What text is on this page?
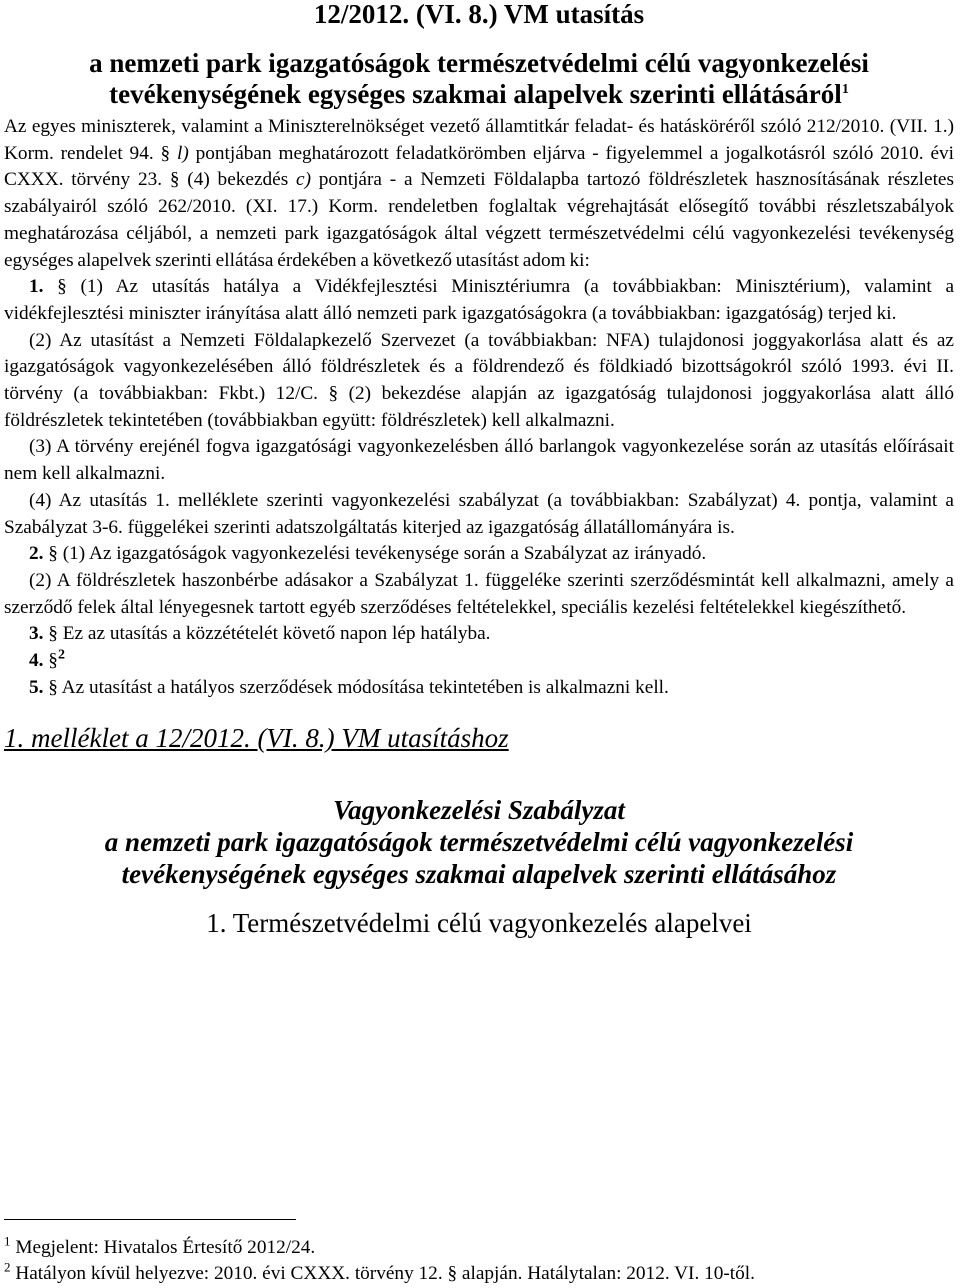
12/2012. (VI. 8.) VM utasítás
a nemzeti park igazgatóságok természetvédelmi célú vagyonkezelési
tevékenységének egységes szakmai alapelvek szerinti ellátásáról$^1$

Az egyes miniszterek, valamint a Miniszterelnökséget vezető államtitkár feladat- és hatásköréről szóló 212/2010. (VII. 1.) Korm. rendelet 94. § l) pontjában meghatározott feladatkörömben eljárva - figyelemmel a jogalkotásról szóló 2010. évi CXXX. törvény 23. § (4) bekezdés c) pontjára - a Nemzeti Földalapba tartozó földrészletek hasznosításának részletes szabályairól szóló 262/2010. (XI. 17.) Korm. rendeletben foglaltak végrehajtását elősegítő további részletszabályok meghatározása céljából, a nemzeti park igazgatóságok által végzett természetvédelmi célú vagyonkezelési tevékenység egységes alapelvek szerinti ellátása érdekében a következő utasítást adom ki:

1. § (1) Az utasítás hatálya a Vidékfejlesztési Minisztériumra (a továbbiakban: Minisztérium), valamint a vidékfejlesztési miniszter irányítása alatt álló nemzeti park igazgatóságokra (a továbbiakban: igazgatóság) terjed ki.

(2) Az utasítást a Nemzeti Földalapkezelő Szervezet (a továbbiakban: NFA) tulajdonosi joggyakorlása alatt és az igazgatóságok vagyonkezelésében álló földrészletek és a földrendező és földkiadó bizottságokról szóló 1993. évi II. törvény (a továbbiakban: Fkbt.) 12/C. § (2) bekezdése alapján az igazgatóság tulajdonosi joggyakorlása alatt álló földrészletek tekintetében (továbbiakban együtt: földrészletek) kell alkalmazni.

(3) A törvény erejénél fogva igazgatósági vagyonkezelésben álló barlangok vagyonkezelése során az utasítás előírásait nem kell alkalmazni.

(4) Az utasítás 1. melléklete szerinti vagyonkezelési szabályzat (a továbbiakban: Szabályzat) 4. pontja, valamint a Szabályzat 3-6. függelékei szerinti adatszolgáltatás kiterjed az igazgatóság állatállományára is.

2. § (1) Az igazgatóságok vagyonkezelési tevékenysége során a Szabályzat az irányadó.

(2) A földrészletek haszonbérbe adásakor a Szabályzat 1. függeléke szerinti szerződésmintát kell alkalmazni, amely a szerződő felek által lényegesnek tartott egyéb szerződéses feltételekkel, speciális kezelési feltételekkel kiegészíthető.

3. § Ez az utasítás a közzétételét követő napon lép hatályba.

4. §$^2$

5. § Az utasítást a hatályos szerződések módosítása tekintetében is alkalmazni kell.

1. melléklet a 12/2012. (VI. 8.) VM utasításhoz
Vagyonkezelési Szabályzat
a nemzeti park igazgatóságok természetvédelmi célú vagyonkezelési
tevékenységének egységes szakmai alapelvek szerinti ellátásához
1. Természetvédelmi célú vagyonkezelés alapelvei
$^1$ Megjelent: Hivatalos Értesítő 2012/24.
$^2$ Hatályon kívül helyezve: 2010. évi CXXX. törvény 12. § alapján. Hatálytalan: 2012. VI. 10-től.
